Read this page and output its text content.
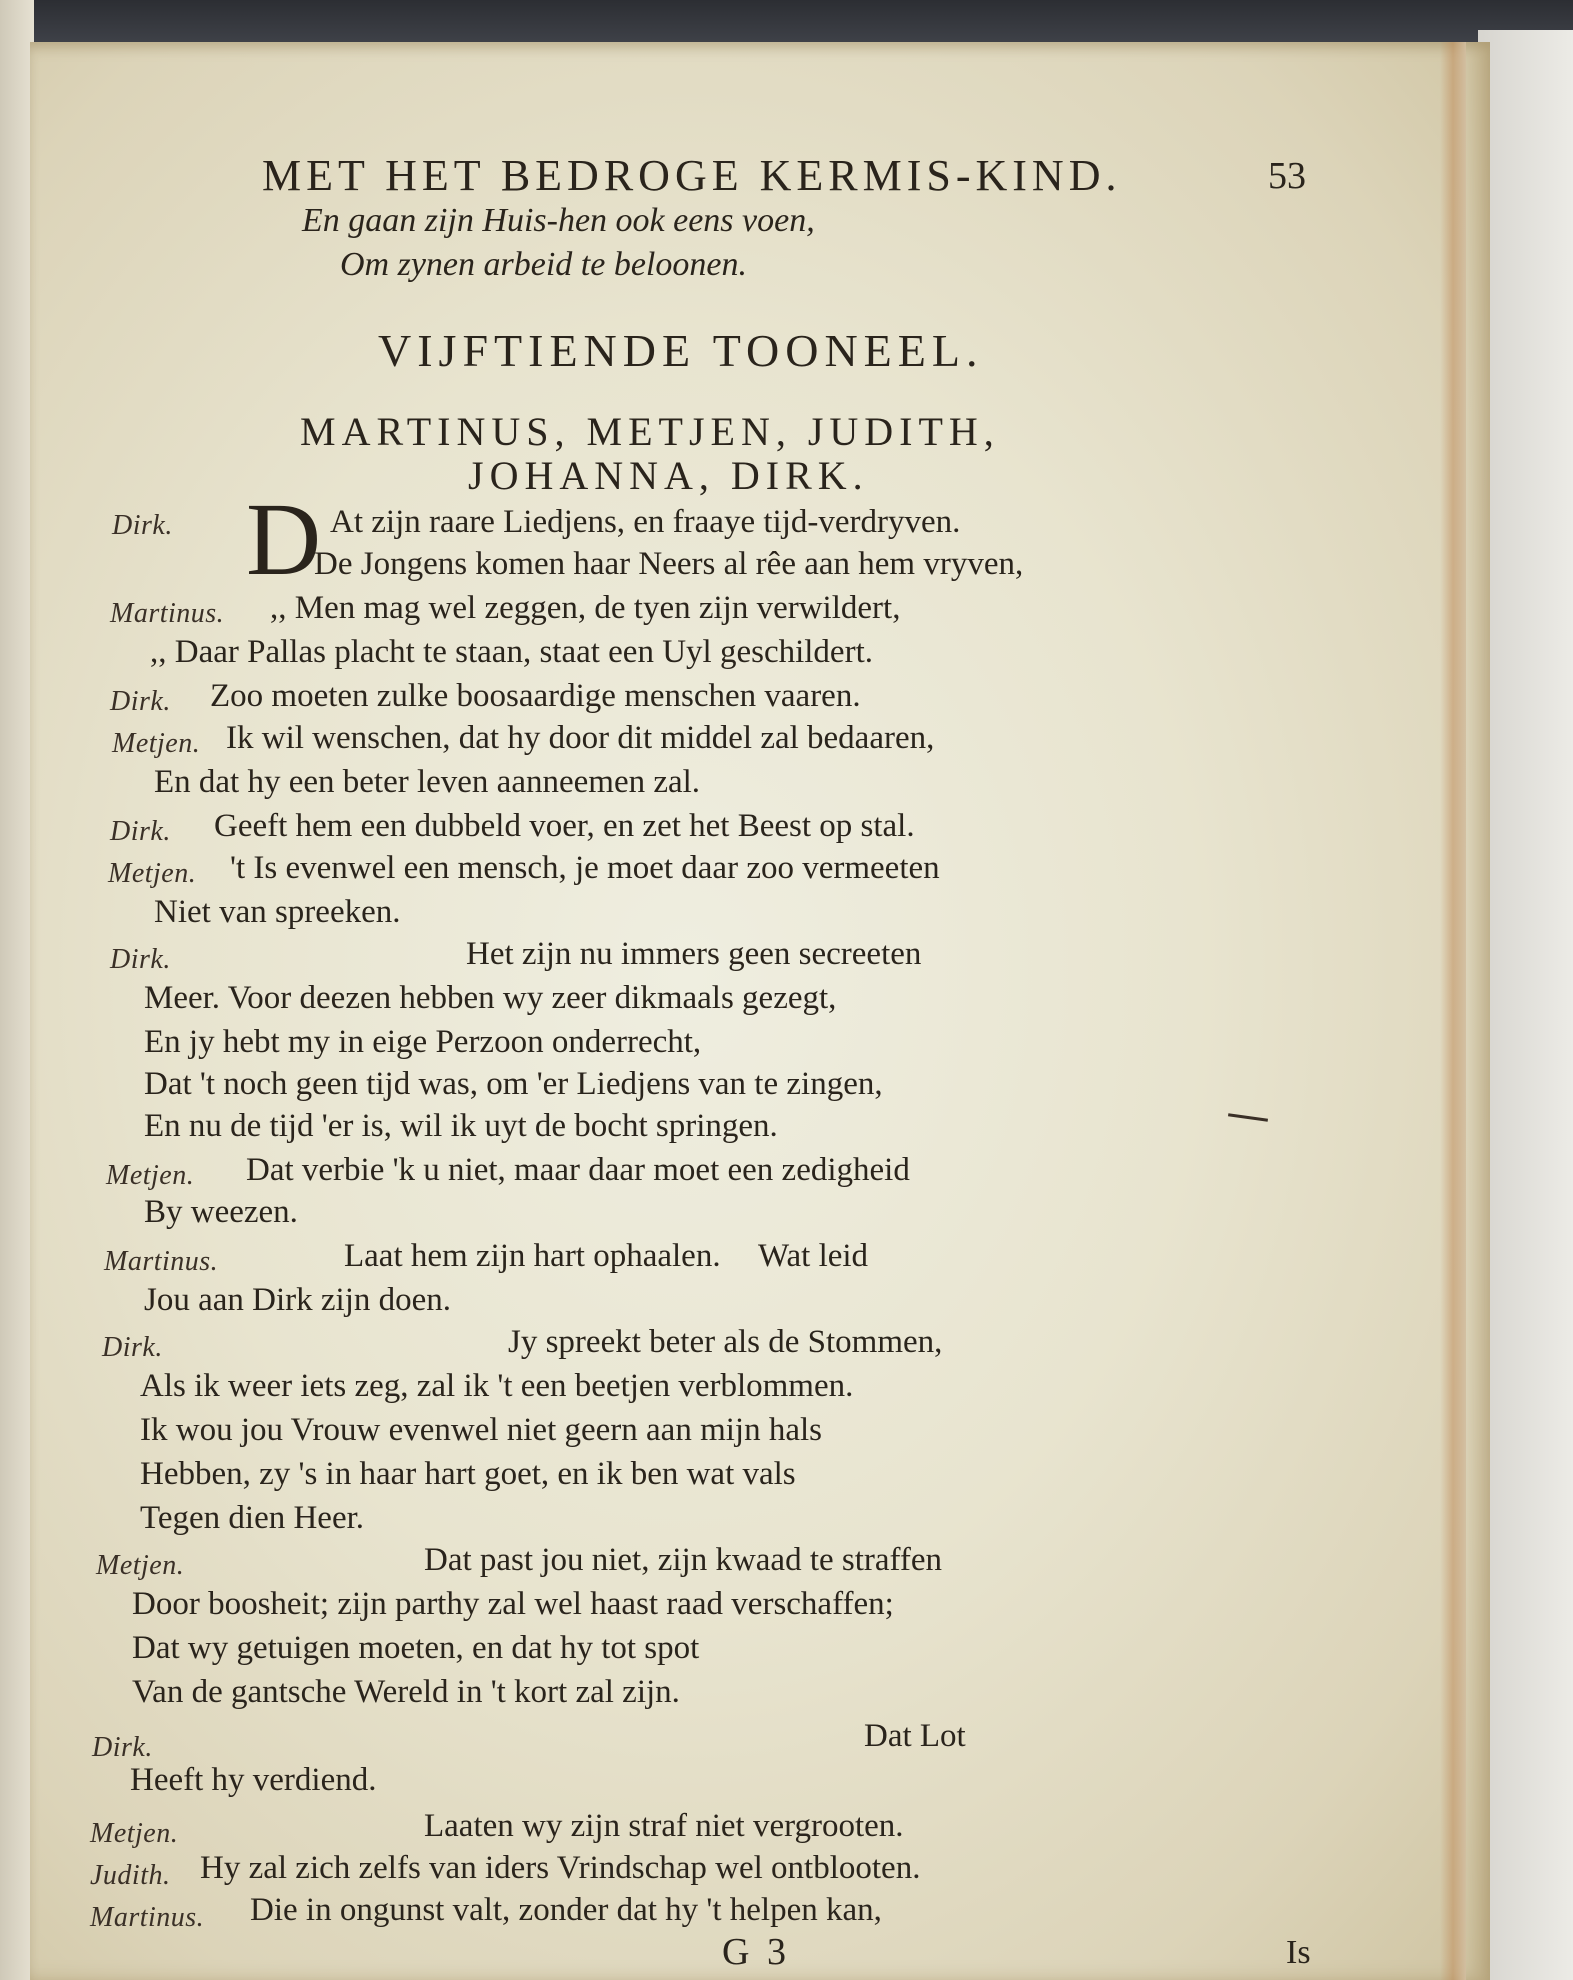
MET HET BEDROGE KERMIS-KIND.	53
En gaan zijn Huis-hen ook eens voen,
Om zynen arbeid te beloonen.
VIJFTIENDE TOONEEL.
MARTINUS, METJEN, JUDITH,
JOHANNA, DIRK.
Dirk. D At zijn raare Liedjens, en fraaye tijd-verdryven.
De Jongens komen haar Neers al rêe aan hem vryven,
Martinus. ,, Men mag wel zeggen, de tyen zijn verwildert,
,, Daar Pallas placht te staan, staat een Uyl geschildert.
Dirk. Zoo moeten zulke boosaardige menschen vaaren.
Metjen. Ik wil wenschen, dat hy door dit middel zal bedaaren,
En dat hy een beter leven aanneemen zal.
Dirk. Geeft hem een dubbeld voer, en zet het Beest op stal.
Metjen. 't Is evenwel een mensch, je moet daar zoo vermeeten
Niet van spreeken.
Dirk.	Het zijn nu immers geen secreeten
Meer. Voor deezen hebben wy zeer dikmaals gezegt,
En jy hebt my in eige Perzoon onderrecht,
Dat 't noch geen tijd was, om 'er Liedjens van te zingen,
En nu de tijd 'er is, wil ik uyt de bocht springen.
Metjen. Dat verbie 'k u niet, maar daar moet een zedigheid
By weezen.
Martinus.	Laat hem zijn hart ophaalen. Wat leid
Jou aan Dirk zijn doen.
Dirk.	Jy spreekt beter als de Stommen,
Als ik weer iets zeg, zal ik 't een beetjen verblommen.
Ik wou jou Vrouw evenwel niet geern aan mijn hals
Hebben, zy 's in haar hart goet, en ik ben wat vals
Tegen dien Heer.
Metjen.	Dat past jou niet, zijn kwaad te straffen
Door boosheit; zijn parthy zal wel haast raad verschaffen;
Dat wy getuigen moeten, en dat hy tot spot
Van de gantsche Wereld in 't kort zal zijn.
Dirk.	Dat Lot
Heeft hy verdiend.
Metjen.	Laaten wy zijn straf niet vergrooten.
Judith. Hy zal zich zelfs van iders Vrindschap wel ontblooten.
Martinus. Die in ongunst valt, zonder dat hy 't helpen kan,
G 3	Is
